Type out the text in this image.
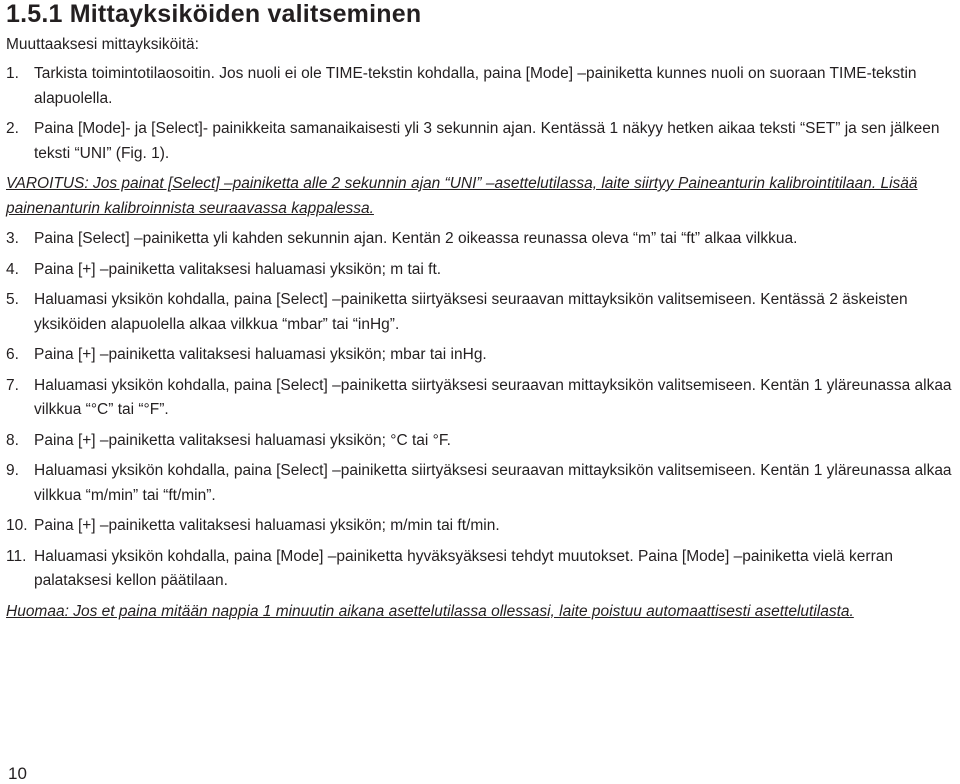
1.5.1 Mittayksiköiden valitseminen

Muuttaaksesi mittayksiköitä:

1. Tarkista toimintotilaosoitin. Jos nuoli ei ole TIME-tekstin kohdalla, paina [Mode] –painiketta kunnes nuoli on suoraan TIME-tekstin alapuolella.
2. Paina [Mode]- ja [Select]- painikkeita samanaikaisesti yli 3 sekunnin ajan. Kentässä 1 näkyy hetken aikaa teksti “SET” ja sen jälkeen teksti “UNI” (Fig. 1).

VAROITUS: Jos painat [Select] –painiketta alle 2 sekunnin ajan “UNI” –asettelutilassa, laite siirtyy Paineanturin kalibrointitilaan. Lisää painenanturin kalibroinnista seuraavassa kappalessa.

3. Paina [Select] –painiketta yli kahden sekunnin ajan. Kentän 2 oikeassa reunassa oleva “m” tai “ft” alkaa vilkkua.
4. Paina [+] –painiketta valitaksesi haluamasi yksikön; m tai ft.
5. Haluamasi yksikön kohdalla, paina [Select] –painiketta siirtyäksesi seuraavan mittayksikön valitsemiseen. Kentässä 2 äskeisten yksiköiden alapuolella alkaa vilkkua “mbar” tai “inHg”.
6. Paina [+] –painiketta valitaksesi haluamasi yksikön; mbar tai inHg.
7. Haluamasi yksikön kohdalla, paina [Select] –painiketta siirtyäksesi seuraavan mittayksikön valitsemiseen. Kentän 1 yläreunassa alkaa vilkkua “°C” tai “°F”.
8. Paina [+] –painiketta valitaksesi haluamasi yksikön; °C tai °F.
9. Haluamasi yksikön kohdalla, paina [Select] –painiketta siirtyäksesi seuraavan mittayksikön valitsemiseen. Kentän 1 yläreunassa alkaa vilkkua “m/min” tai “ft/min”.
10. Paina [+] –painiketta valitaksesi haluamasi yksikön; m/min tai ft/min.
11. Haluamasi yksikön kohdalla, paina [Mode] –painiketta hyväksyäksesi tehdyt muutokset. Paina [Mode] –painiketta vielä kerran palataksesi kellon päätilaan.

Huomaa: Jos et paina mitään nappia 1 minuutin aikana asettelutilassa ollessasi, laite poistuu automaattisesti asettelutilasta.

10
